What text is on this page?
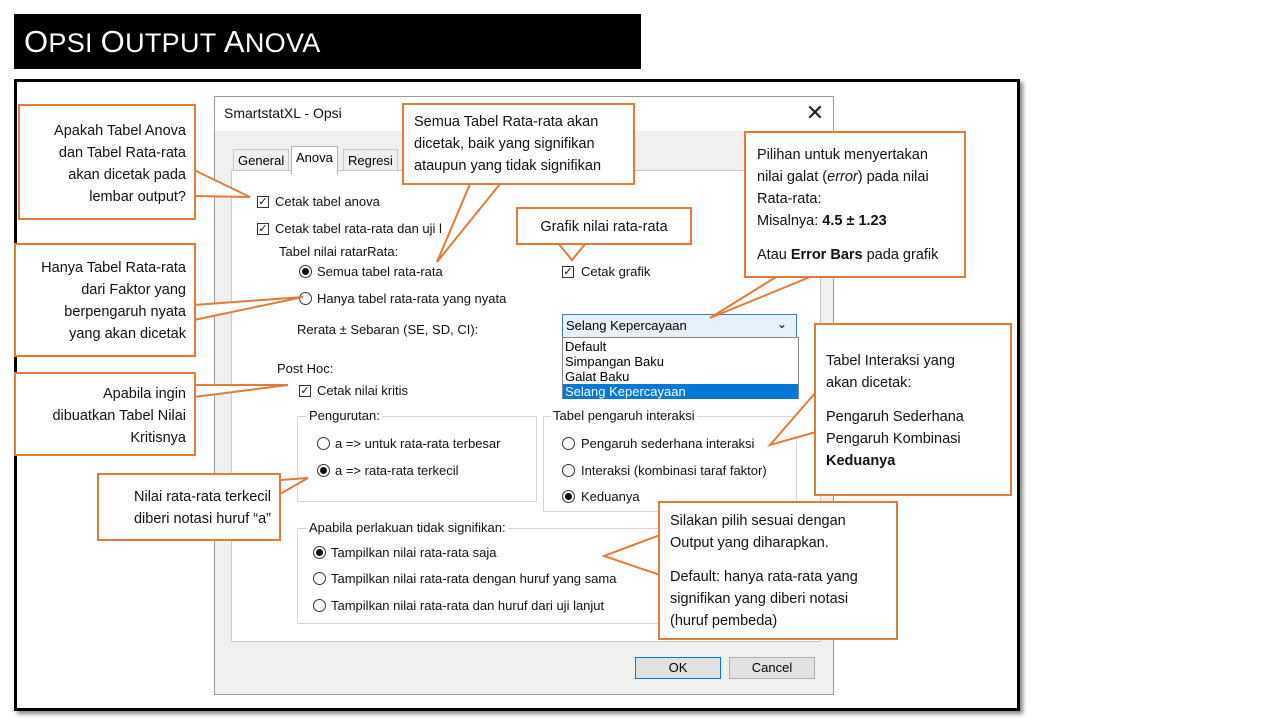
OPSI OUTPUT ANOVA
SmartstatXL - Opsi	✕
General Anova	Regresi
✓ Cetak tabel anova
✓ Cetak tabel rata-rata dan uji l
Tabel nilai ratarRata:
Semua tabel rata-rata
Hanya tabel rata-rata yang nyata
✓ Cetak grafik
Rerata ± Sebaran (SE, SD, CI):	Selang Kepercayaan	⌄
Default
Simpangan Baku
Galat Baku
Selang Kepercayaan
Post Hoc:
✓ Cetak nilai kritis
Pengurutan:
a => untuk rata-rata terbesar
a => rata-rata terkecil
Tabel pengaruh interaksi
Pengaruh sederhana interaksi
Interaksi (kombinasi taraf faktor)
Keduanya
Apabila perlakuan tidak signifikan:
Tampilkan nilai rata-rata saja
Tampilkan nilai rata-rata dengan huruf yang sama
Tampilkan nilai rata-rata dan huruf dari uji lanjut
OK	Cancel
Apakah Tabel Anova
dan Tabel Rata-rata
akan dicetak pada
lembar output?
Hanya Tabel Rata-rata
dari Faktor yang
berpengaruh nyata
yang akan dicetak
Apabila ingin
dibuatkan Tabel Nilai
Kritisnya
Nilai rata-rata terkecil
diberi notasi huruf “a”
Semua Tabel Rata-rata akan
dicetak, baik yang signifikan
ataupun yang tidak signifikan
Grafik nilai rata-rata
Pilihan untuk menyertakan
nilai galat (error) pada nilai
Rata-rata:
Misalnya: 4.5 ± 1.23
Atau Error Bars pada grafik
Tabel Interaksi yang
akan dicetak:
Pengaruh Sederhana
Pengaruh Kombinasi
Keduanya
Silakan pilih sesuai dengan
Output yang diharapkan.
Default: hanya rata-rata yang
signifikan yang diberi notasi
(huruf pembeda)
